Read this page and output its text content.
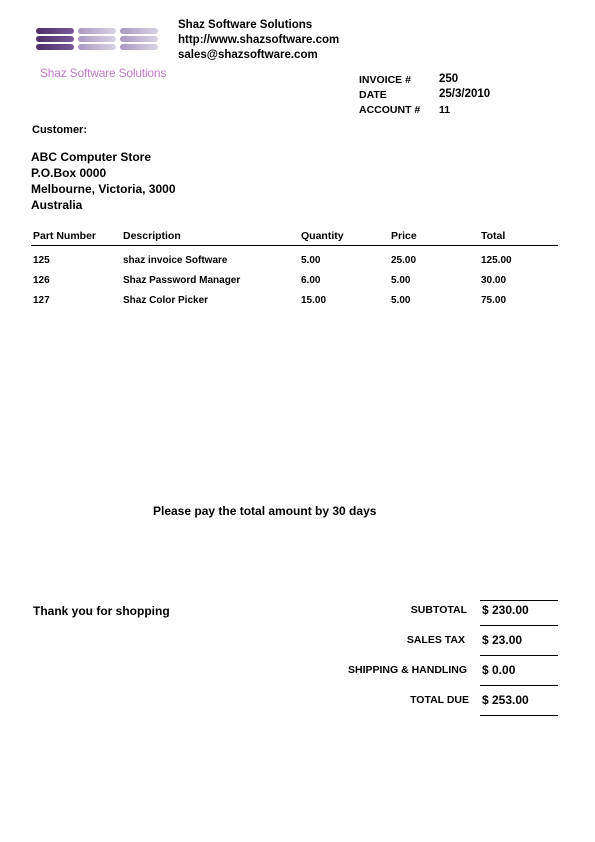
Shaz Software Solutions
Shaz Software Solutions
http://www.shazsoftware.com
sales@shazsoftware.com
INVOICE # 250
DATE	25/3/2010
ACCOUNT # 11
Customer:
ABC Computer Store
P.O.Box 0000
Melbourne, Victoria, 3000
Australia
Part Number	Description	Quantity	Price	Total
125	shaz invoice Software	5.00	25.00	125.00
126	Shaz Password Manager	6.00	5.00	30.00
127	Shaz Color Picker	15.00	5.00	75.00
Please pay the total amount by 30 days
Thank you for shopping	SUBTOTAL $ 230.00
SALES TAX $ 23.00
SHIPPING & HANDLING $ 0.00
TOTAL DUE $ 253.00
